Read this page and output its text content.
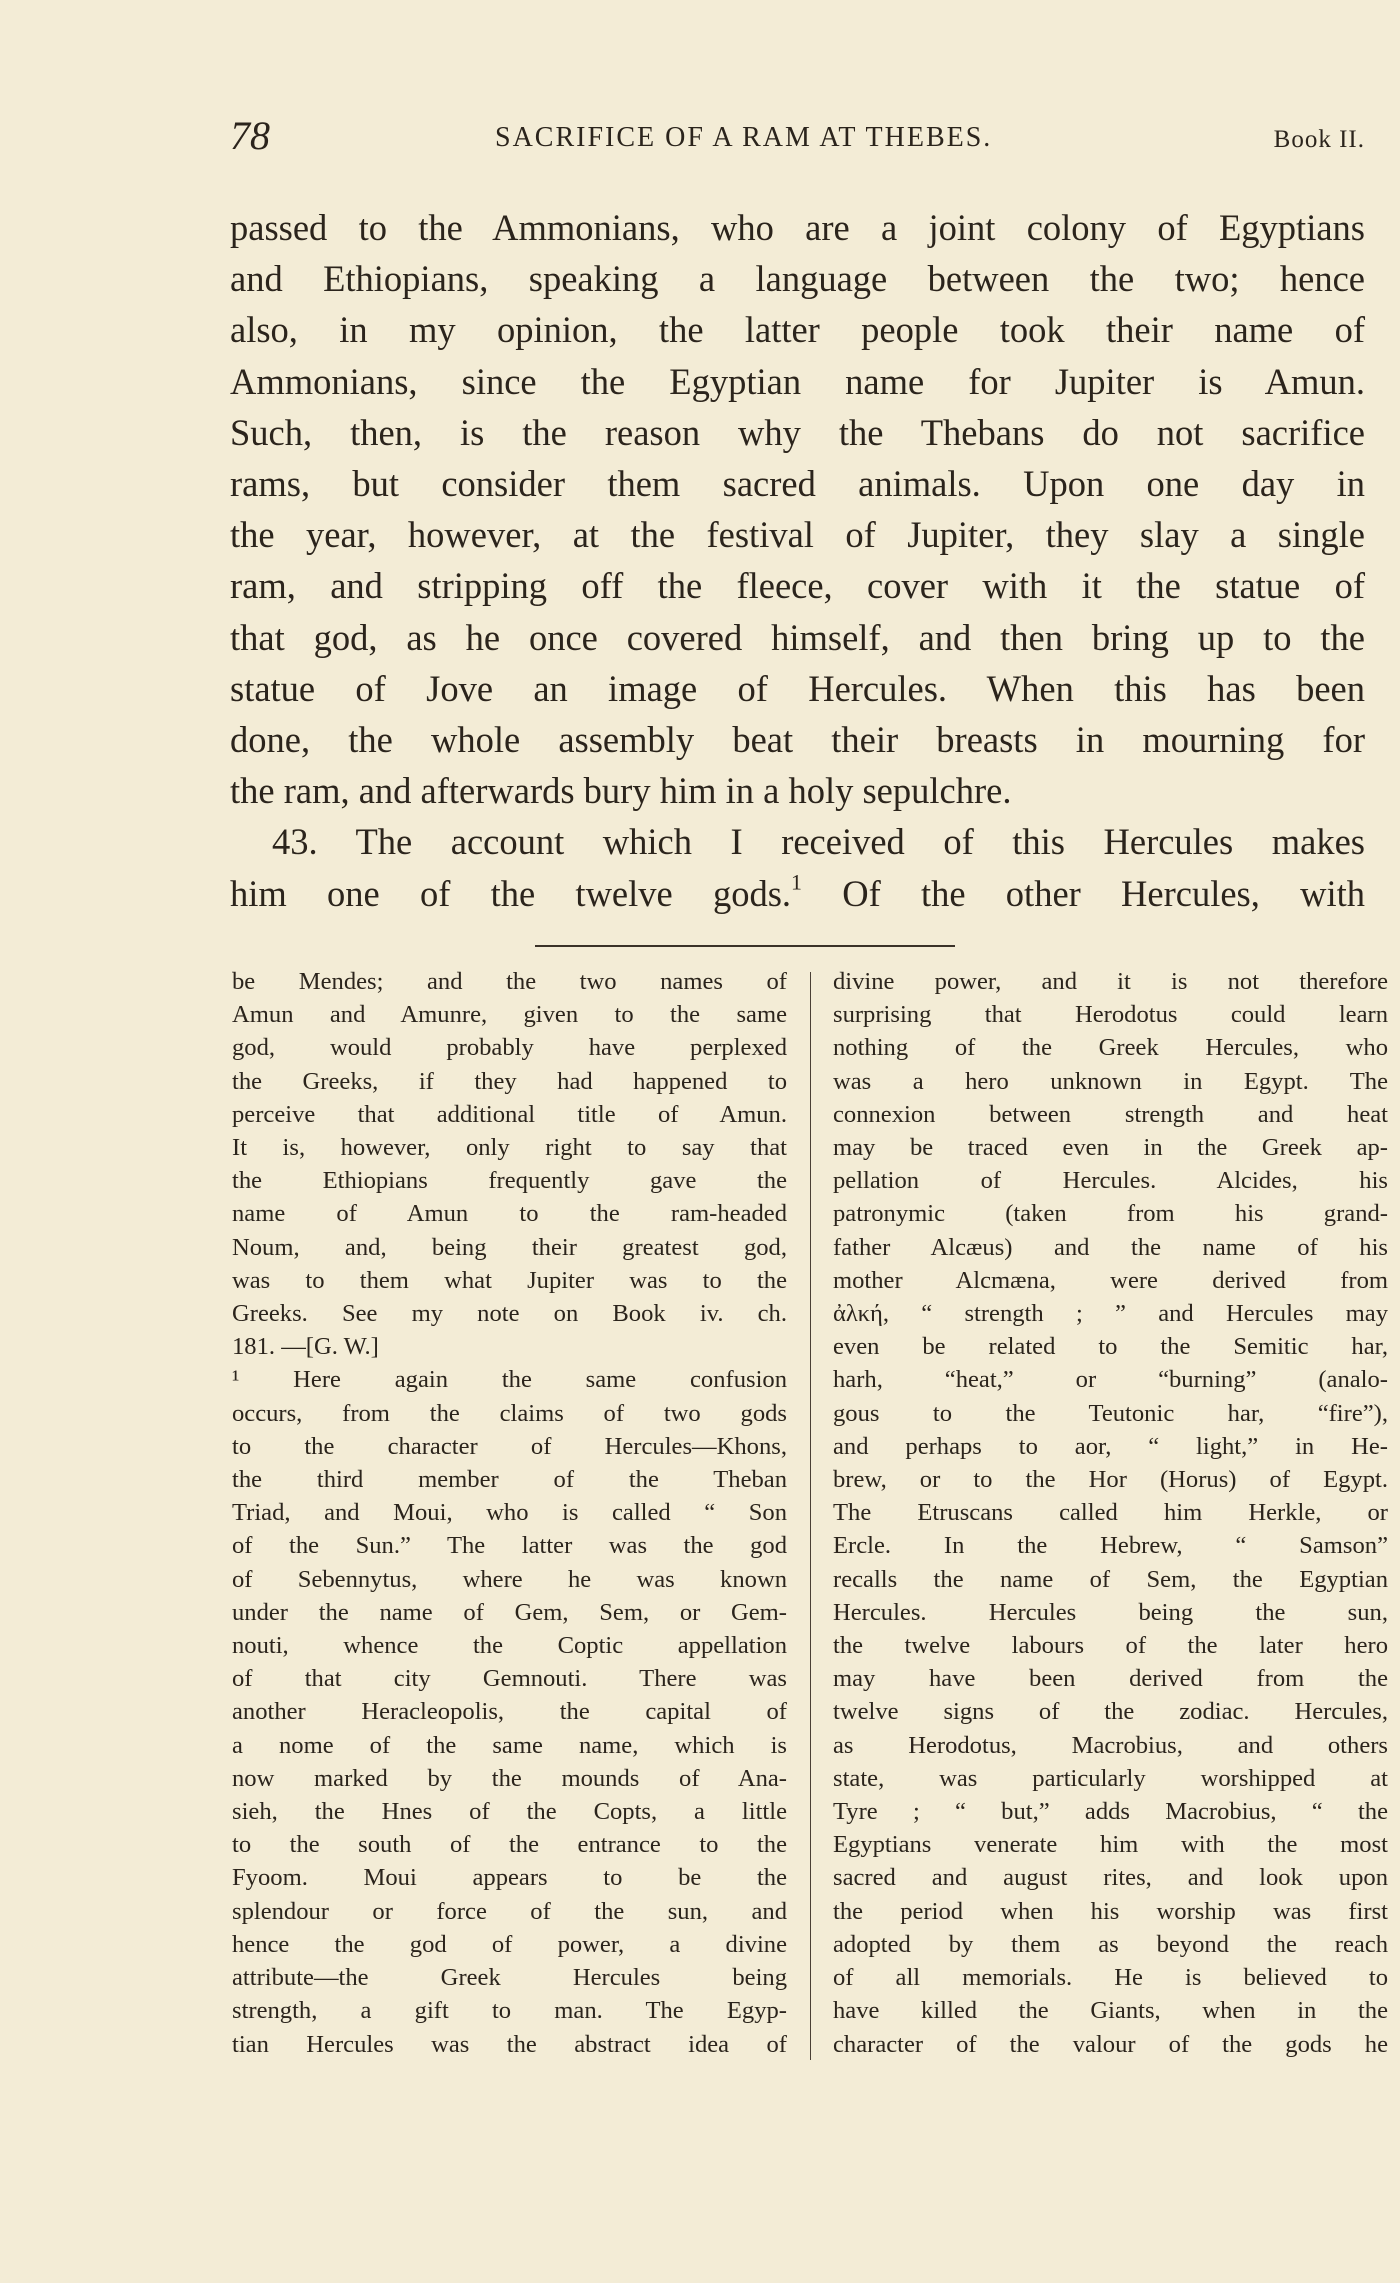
78	SACRIFICE OF A RAM AT THEBES.	Book II.
passed to the Ammonians, who are a joint colony of Egyptians
and Ethiopians, speaking a language between the two; hence
also, in my opinion, the latter people took their name of
Ammonians, since the Egyptian name for Jupiter is Amun.
Such, then, is the reason why the Thebans do not sacrifice
rams, but consider them sacred animals. Upon one day in
the year, however, at the festival of Jupiter, they slay a single
ram, and stripping off the fleece, cover with it the statue of
that god, as he once covered himself, and then bring up to the
statue of Jove an image of Hercules. When this has been
done, the whole assembly beat their breasts in mourning for
the ram, and afterwards bury him in a holy sepulchre.
43. The account which I received of this Hercules makes
him one of the twelve gods.$^1$ Of the other Hercules, with
be Mendes; and the two names of
Amun and Amunre, given to the same
god, would probably have perplexed
the Greeks, if they had happened to
perceive that additional title of Amun.
It is, however, only right to say that
the Ethiopians frequently gave the
name of Amun to the ram-headed
Noum, and, being their greatest god,
was to them what Jupiter was to the
Greeks. See my note on Book iv. ch.
181. —[G. W.]
¹ Here again the same confusion
occurs, from the claims of two gods
to the character of Hercules—Khons,
the third member of the Theban
Triad, and Moui, who is called “ Son
of the Sun.” The latter was the god
of Sebennytus, where he was known
under the name of Gem, Sem, or Gem-
nouti, whence the Coptic appellation
of that city Gemnouti. There was
another Heracleopolis, the capital of
a nome of the same name, which is
now marked by the mounds of Ana-
sieh, the Hnes of the Copts, a little
to the south of the entrance to the
Fyoom. Moui appears to be the
splendour or force of the sun, and
hence the god of power, a divine
attribute—the Greek Hercules being
strength, a gift to man. The Egyp-
tian Hercules was the abstract idea of
divine power, and it is not therefore
surprising that Herodotus could learn
nothing of the Greek Hercules, who
was a hero unknown in Egypt. The
connexion between strength and heat
may be traced even in the Greek ap-
pellation of Hercules. Alcides, his
patronymic (taken from his grand-
father Alcæus) and the name of his
mother Alcmæna, were derived from
ἀλκή, “ strength ; ” and Hercules may
even be related to the Semitic har,
harh, “heat,” or “burning” (analo-
gous to the Teutonic har, “fire”),
and perhaps to aor, “ light,” in He-
brew, or to the Hor (Horus) of Egypt.
The Etruscans called him Herkle, or
Ercle. In the Hebrew, “ Samson”
recalls the name of Sem, the Egyptian
Hercules. Hercules being the sun,
the twelve labours of the later hero
may have been derived from the
twelve signs of the zodiac. Hercules,
as Herodotus, Macrobius, and others
state, was particularly worshipped at
Tyre ; “ but,” adds Macrobius, “ the
Egyptians venerate him with the most
sacred and august rites, and look upon
the period when his worship was first
adopted by them as beyond the reach
of all memorials. He is believed to
have killed the Giants, when in the
character of the valour of the gods he
